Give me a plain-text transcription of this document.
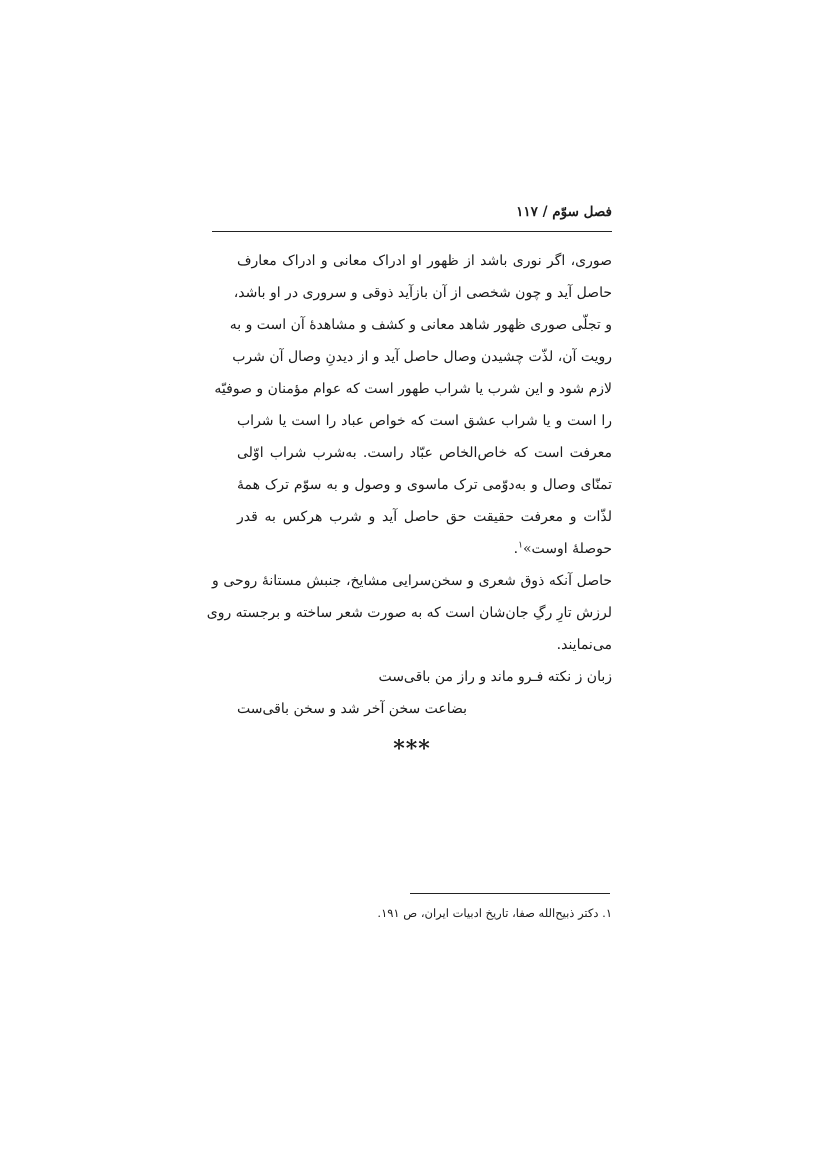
فصل سوّم / ۱۱۷
صوری، اگر نوری باشد از ظهور او ادراک معانی و ادراک معارف
حاصل آید و چون شخصی از آن بازآید ذوقی و سروری در او باشد،
و تجلّی صوری ظهور شاهد معانی و کشف و مشاهدهٔ آن است و به
رویت آن، لذّت چشیدن وصال حاصل آید و از دیدنِ وصال آن شرب
لازم شود و این شرب یا شراب طهور است که عوام مؤمنان و صوفیّه
را است و یا شراب عشق است که خواص عباد را است یا شراب
معرفت است که خاص‌الخاص عبّاد راست. به‌شرب شراب اوّلی
تمنّای وصال و به‌دوّمی ترک ماسوی و وصول و به سوّم ترک همهٔ
لذّات و معرفت حقیقت حق حاصل آید و شرب هرکس به قدر
حوصلهٔ اوست»$^۱$.
حاصل آنکه ذوق شعری و سخن‌سرایی مشایخ، جنبش مستانهٔ روحی و
لرزش تارِ رگِ جان‌شان است که به صورت شعر ساخته و برجسته روی
می‌نمایند.
زبان ز نکته فـرو ماند و راز من باقی‌ست
بضاعت سخن آخر شد و سخن باقی‌ست
***
۱. دکتر ذبیح‌الله صفا، تاریخ ادبیات ایران، ص ۱۹۱.
